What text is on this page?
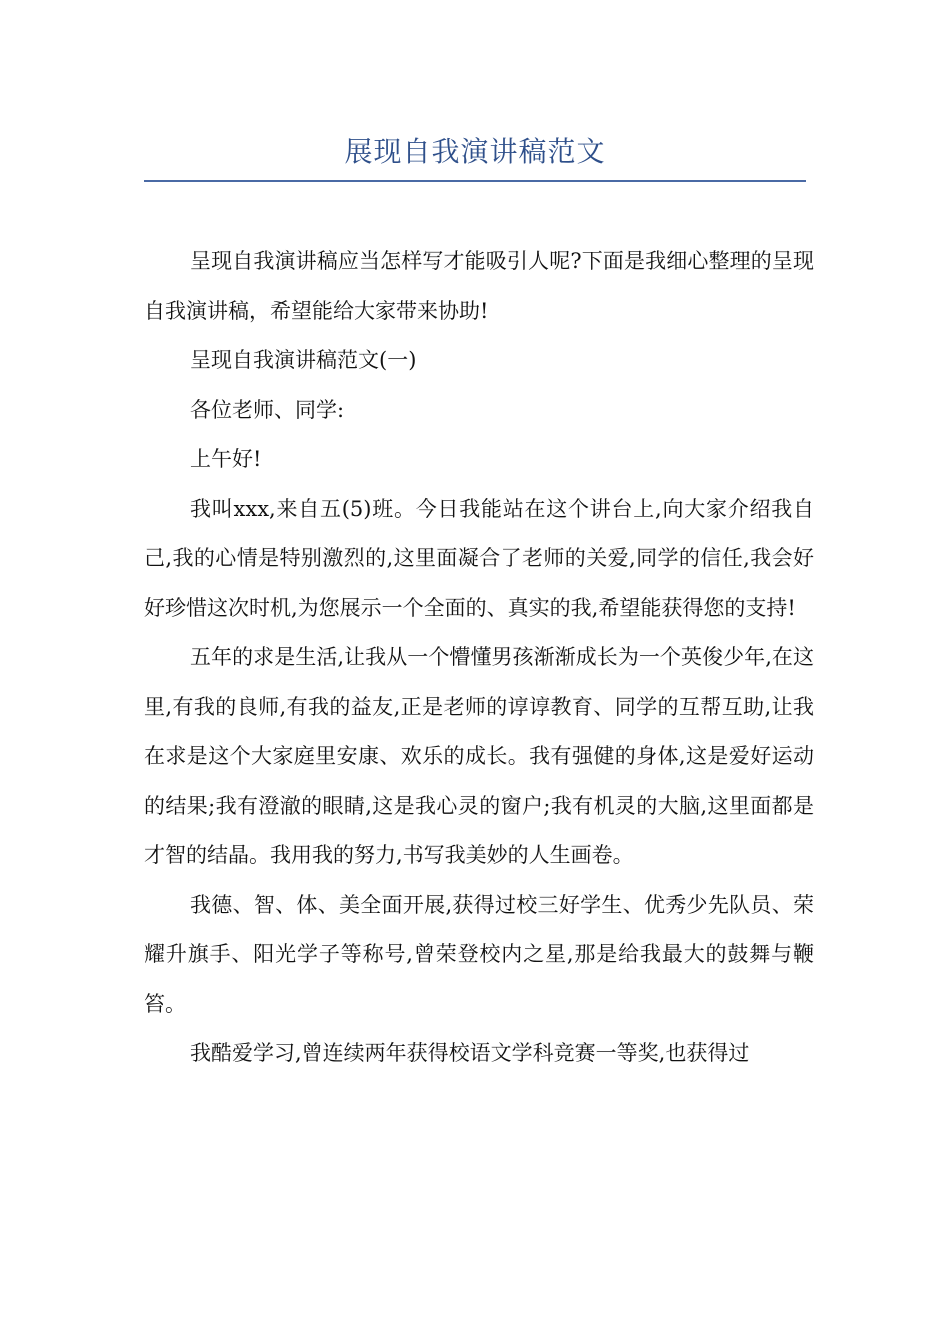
展现自我演讲稿范文

呈现自我演讲稿应当怎样写才能吸引人呢?下面是我细心整理的呈现自我演讲稿，希望能给大家带来协助!

呈现自我演讲稿范文(一)

各位老师、同学:

上午好!

我叫xxx,来自五(5)班。今日我能站在这个讲台上,向大家介绍我自己,我的心情是特别激烈的,这里面凝合了老师的关爱,同学的信任,我会好好珍惜这次时机,为您展示一个全面的、真实的我,希望能获得您的支持!

五年的求是生活,让我从一个懵懂男孩渐渐成长为一个英俊少年,在这里,有我的良师,有我的益友,正是老师的谆谆教育、同学的互帮互助,让我在求是这个大家庭里安康、欢乐的成长。我有强健的身体,这是爱好运动的结果;我有澄澈的眼睛,这是我心灵的窗户;我有机灵的大脑,这里面都是才智的结晶。我用我的努力,书写我美妙的人生画卷。

我德、智、体、美全面开展,获得过校三好学生、优秀少先队员、荣耀升旗手、阳光学子等称号,曾荣登校内之星,那是给我最大的鼓舞与鞭笞。

我酷爱学习,曾连续两年获得校语文学科竞赛一等奖,也获得过
